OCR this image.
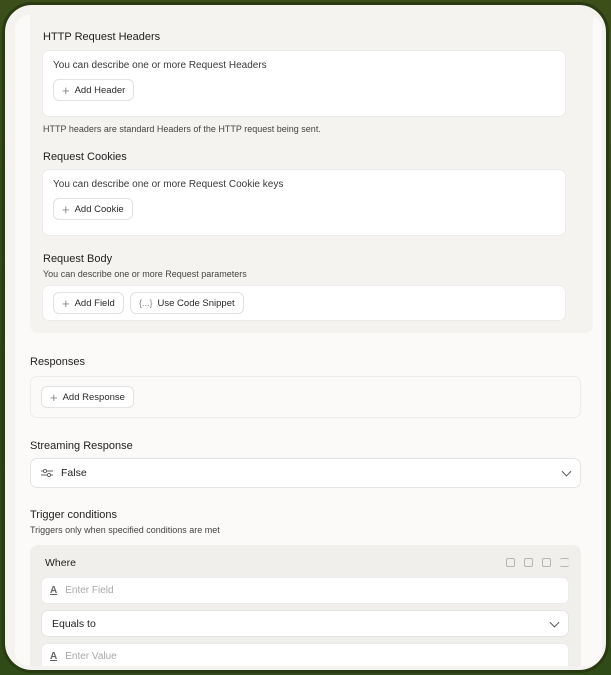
HTTP Request Headers
You can describe one or more Request Headers
+ Add Header
HTTP headers are standard Headers of the HTTP request being sent.
Request Cookies
You can describe one or more Request Cookie keys
+ Add Cookie
Request Body
You can describe one or more Request parameters
+ Add Field	{...} Use Code Snippet
Responses
+ Add Response
Streaming Response
False
Trigger conditions
Triggers only when specified conditions are met
Where
A Enter Field
Equals to
A Enter Value
